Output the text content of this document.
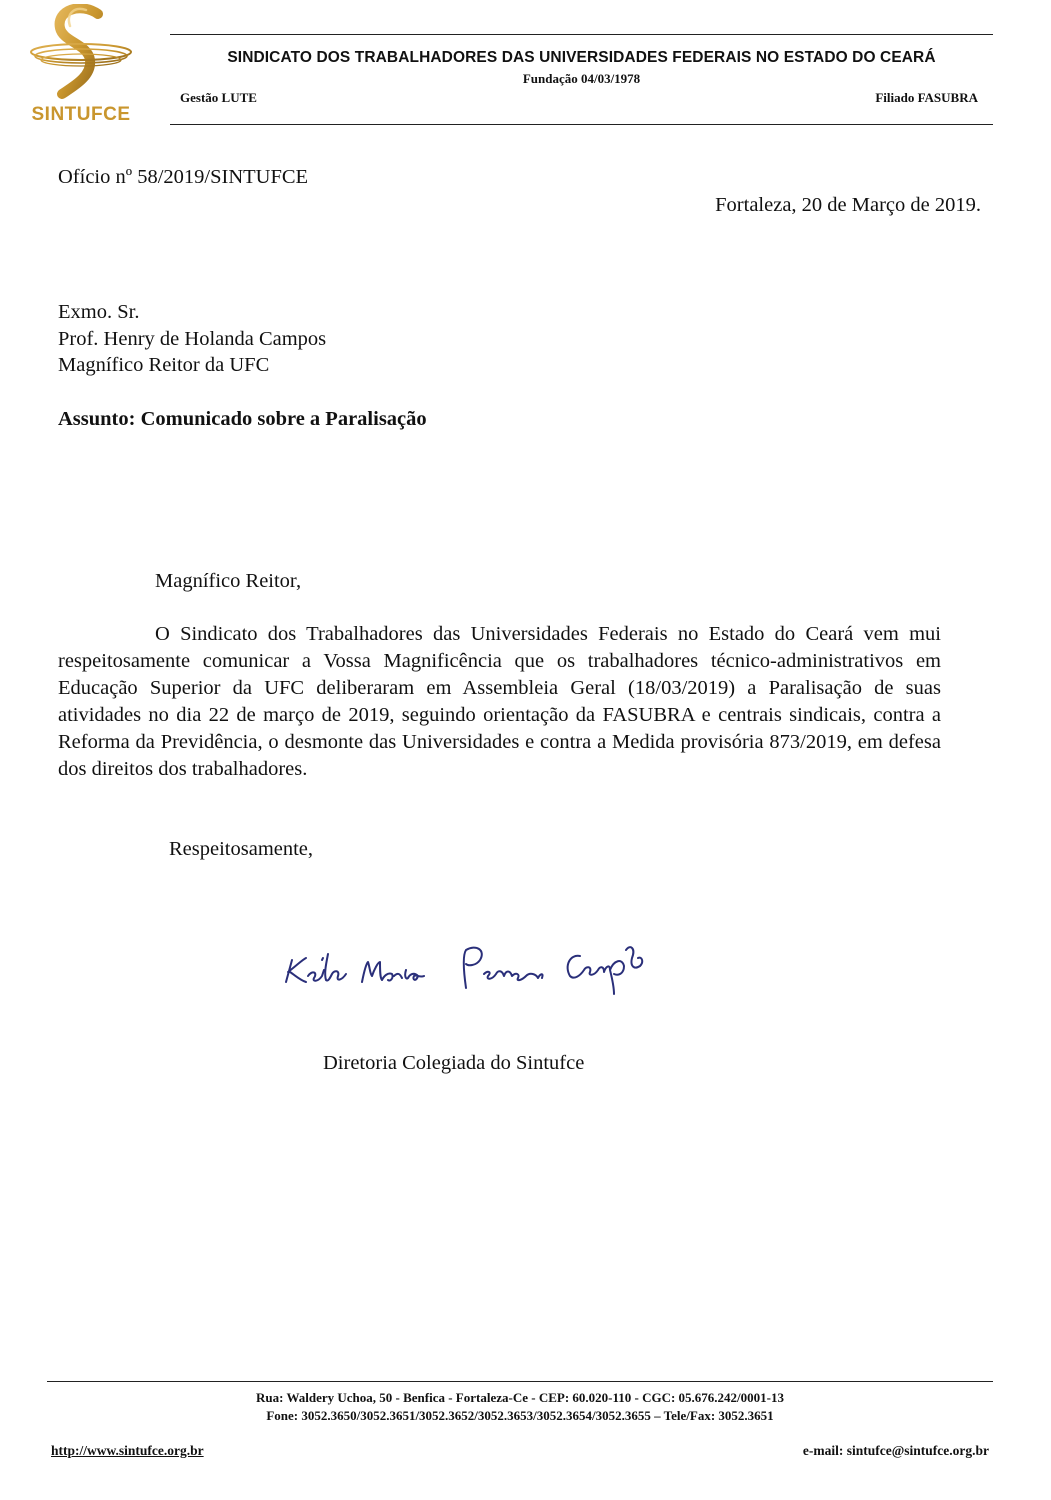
SINTUFCE
SINDICATO DOS TRABALHADORES DAS UNIVERSIDADES FEDERAIS NO ESTADO DO CEARÁ
Fundação 04/03/1978
Gestão LUTE	Filiado FASUBRA
Ofício nº 58/2019/SINTUFCE
Fortaleza, 20 de Março de 2019.
Exmo. Sr.
Prof. Henry de Holanda Campos
Magnífico Reitor da UFC
Assunto: Comunicado sobre a Paralisação
Magnífico Reitor,

O Sindicato dos Trabalhadores das Universidades Federais no Estado do Ceará vem mui respeitosamente comunicar a Vossa Magnificência que os trabalhadores técnico-administrativos em Educação Superior da UFC deliberaram em Assembleia Geral (18/03/2019) a Paralisação de suas atividades no dia 22 de março de 2019, seguindo orientação da FASUBRA e centrais sindicais, contra a Reforma da Previdência, o desmonte das Universidades e contra a Medida provisória 873/2019, em defesa dos direitos dos trabalhadores.

Respeitosamente,
Diretoria Colegiada do Sintufce
Rua: Waldery Uchoa, 50 - Benfica - Fortaleza-Ce - CEP: 60.020-110 - CGC: 05.676.242/0001-13
Fone: 3052.3650/3052.3651/3052.3652/3052.3653/3052.3654/3052.3655 – Tele/Fax: 3052.3651
http://www.sintufce.org.br	e-mail: sintufce@sintufce.org.br
